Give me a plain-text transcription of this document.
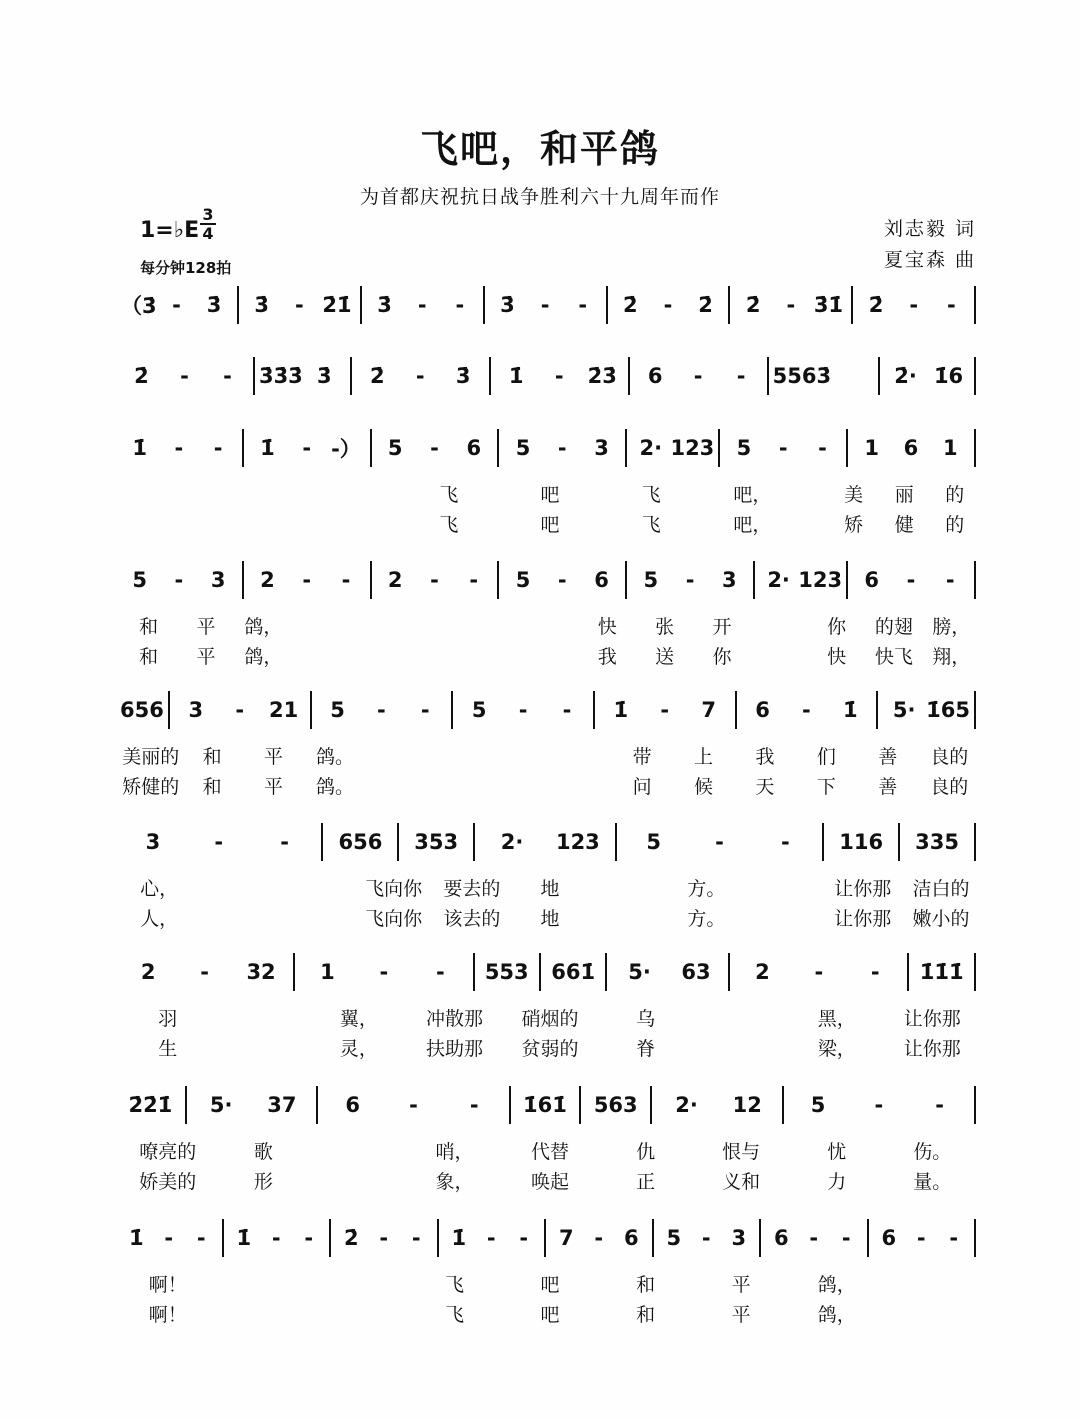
飞吧，和平鸽
为首都庆祝抗日战争胜利六十九周年而作
1=♭E
3
4
每分钟128拍
刘志毅 词
夏宝森 曲
（3̇ -	3̇	3̇	- 2̇1̇	3̇	-	-	3̇	-	-	2̇	-	2̇	2̇	- 3̇1̇	2̇	-	-
2̇	-	-	3̇3̇3̇ 3̇	2̇	-	3̇	1̇	-	2̇3̇	6	-	-	5563̇	2̇· 1̇6
1̇	-	-	1̇	- -）	5	-	6	5	-	3	2· 123	5	-	-	1	6	1
飞	吧	飞	吧，	美	丽	的
飞	吧	飞	吧，	矫	健	的
5	-	3	2	-	-	2	-	-	5	-	6	5	-	3	2· 123	6	-	-
和	平	鸽，	快	张	开	你	的翅	膀，
和	平	鸽，	我	送	你	快	快飞	翔，
656	3	-	21	5	-	-	5	-	-	1̇	-	7	6	-	1̇	5· 1̇65
美丽的	和	平	鸽。	带	上	我	们	善	良的
矫健的	和	平	鸽。	问	候	天	下	善	良的
3	-	-	656	353	2·	123	5	-	-	116	335
心，	飞向你	要去的	地	方。	让你那	洁白的
人，	飞向你	该去的	地	方。	让你那	嫩小的
2	-	32	1	-	-	553 661̇	5·	63	2	-	-	1̇1̇1̇
羽	翼，	冲散那	硝烟的	乌	黑，	让你那
生	灵，	扶助那	贫弱的	脊	梁，	让你那
2̇2̇1̇	5·	37	6	-	-	1̇61̇	563	2·	12	5	-	-
嘹亮的	歌	哨，	代替	仇	恨与	忧	伤。
娇美的	形	象，	唤起	正	义和	力	量。
1̇ -	-	1̇ -	-	2̇ -	-	1̇ -	-	7 - 6	5 - 3	6 -	-	6 -	-
啊！	飞	吧	和	平	鸽，
啊！	飞	吧	和	平	鸽，
